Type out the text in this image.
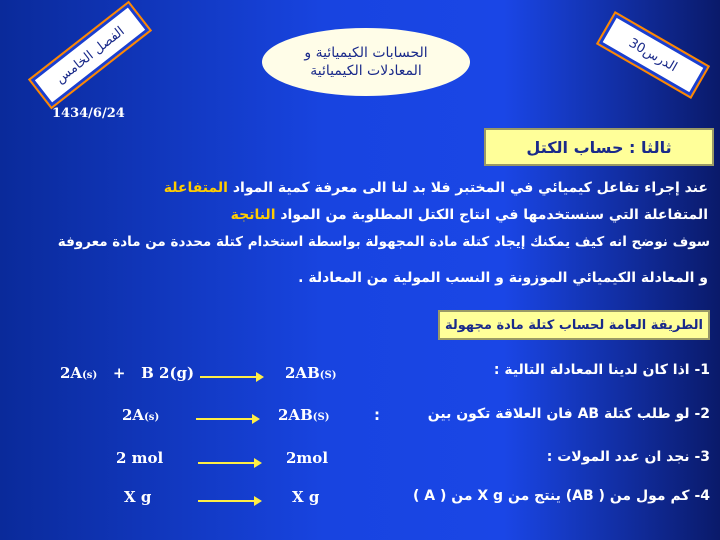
الفصل الخامس	الدرس30
الحسابات الكيميائية و
المعادلات الكيميائية
1434/6/24
ثالثا : حساب الكتل
عند إجراء تفاعل كيميائي في المختبر فلا بد لنا الى معرفة كمية المواد المتفاعلة
المتفاعلة التي سنستخدمها في انتاج الكتل المطلوبة من المواد الناتجة
سوف نوضح انه كيف يمكنك إيجاد كتلة مادة المجهولة بواسطة استخدام كتلة محددة من مادة معروفة
و المعادلة الكيميائي الموزونة و النسب المولية من المعادلة .
الطريقة العامة لحساب كتلة مادة مجهولة
1- اذا كان لدينا المعادلة التالية :
2- لو طلب كتلة AB فان العلاقة تكون بين
:
3- نجد ان عدد المولات :
4- كم مول من ( AB) ينتج من X g من ( A )
2A(s) + B 2(g)	2AB(S)
2A(s)	2AB(S)
2 mol	2mol
X g	X g
